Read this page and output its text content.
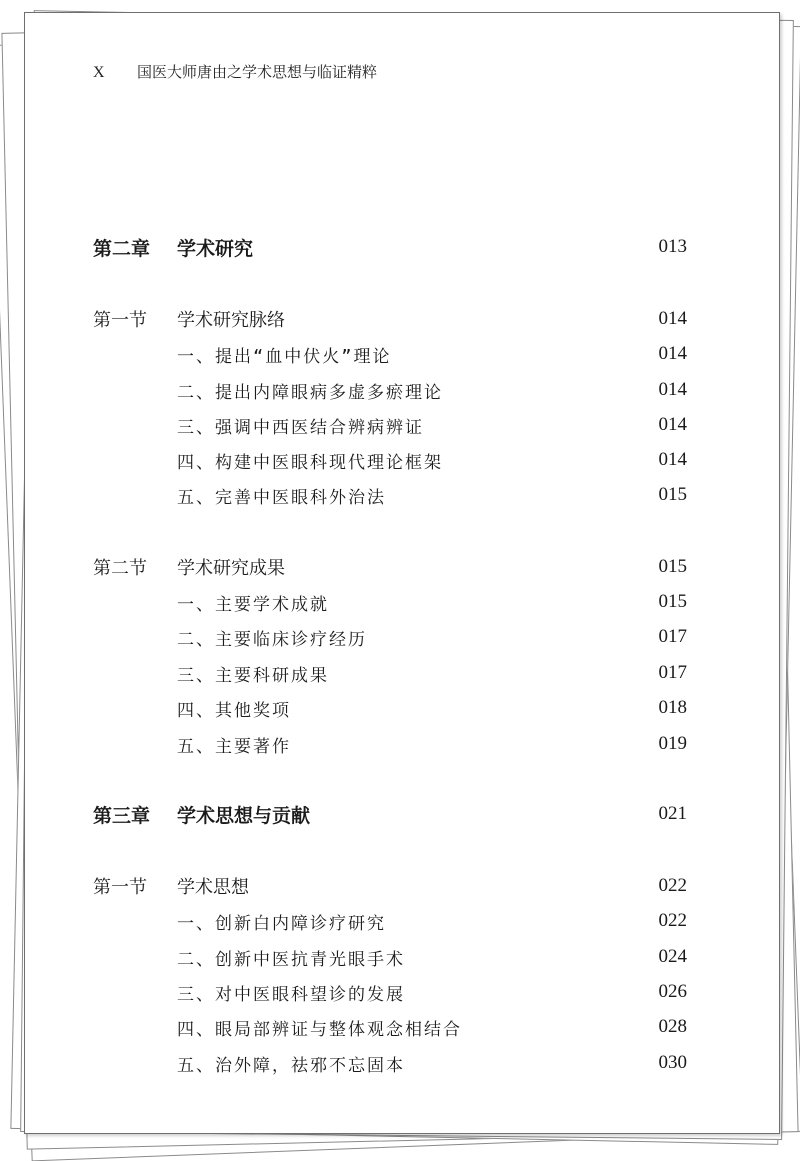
X	国医大师唐由之学术思想与临证精粹
第二章	学术研究	013
第一节	学术研究脉络	014
一、提出“血中伏火”理论	014
二、提出内障眼病多虚多瘀理论	014
三、强调中西医结合辨病辨证	014
四、构建中医眼科现代理论框架	014
五、完善中医眼科外治法	015
第二节	学术研究成果	015
一、主要学术成就	015
二、主要临床诊疗经历	017
三、主要科研成果	017
四、其他奖项	018
五、主要著作	019
第三章	学术思想与贡献	021
第一节	学术思想	022
一、创新白内障诊疗研究	022
二、创新中医抗青光眼手术	024
三、对中医眼科望诊的发展	026
四、眼局部辨证与整体观念相结合	028
五、治外障，祛邪不忘固本	030
